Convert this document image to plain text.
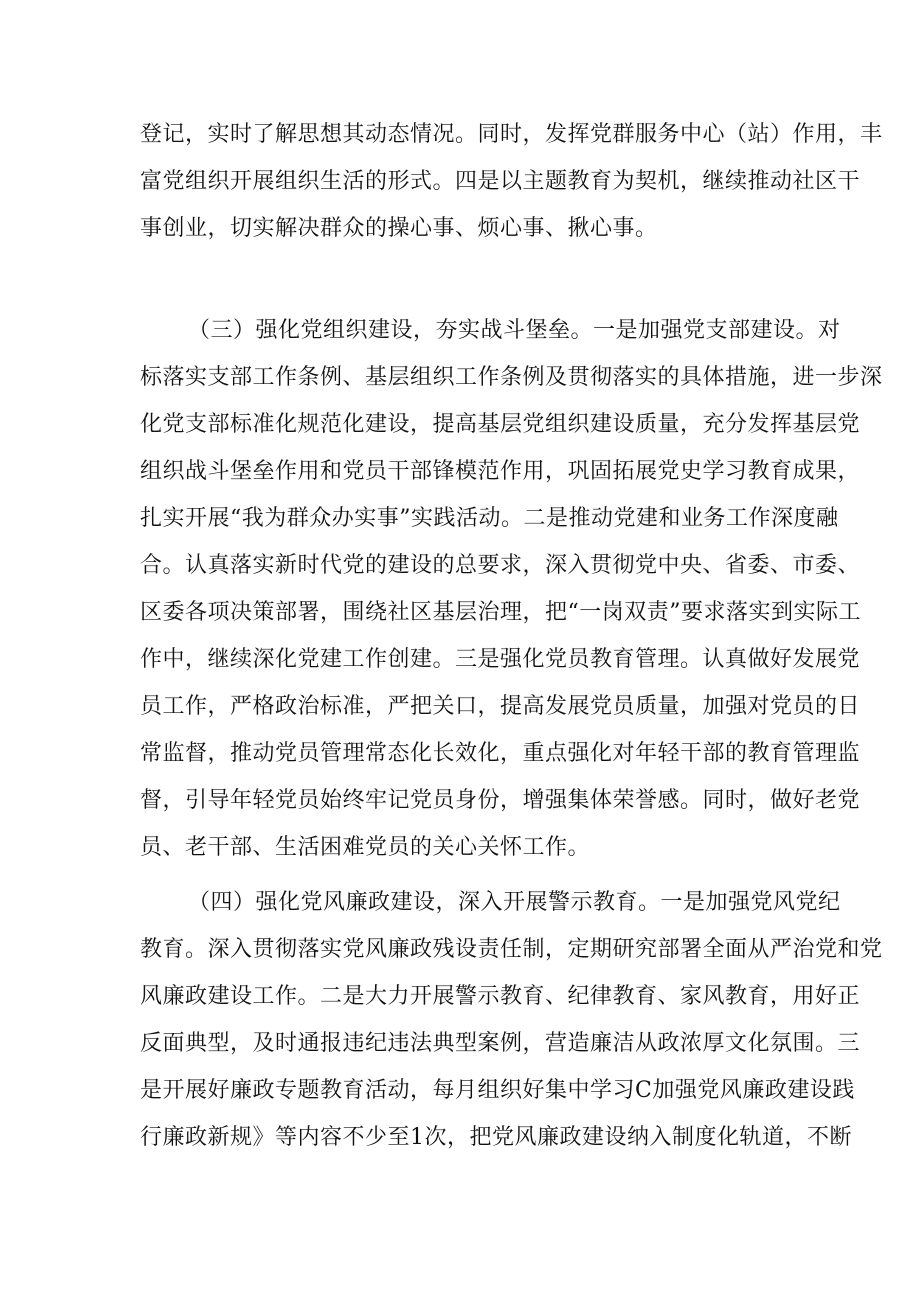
登记，实时了解思想其动态情况。同时，发挥党群服务中心（站）作用，丰
富党组织开展组织生活的形式。四是以主题教育为契机，继续推动社区干
事创业，切实解决群众的操心事、烦心事、揪心事。
（三）强化党组织建设，夯实战斗堡垒。一是加强党支部建设。对
标落实支部工作条例、基层组织工作条例及贯彻落实的具体措施，进一步深
化党支部标准化规范化建设，提高基层党组织建设质量，充分发挥基层党
组织战斗堡垒作用和党员干部锋模范作用，巩固拓展党史学习教育成果，
扎实开展“我为群众办实事”实践活动。二是推动党建和业务工作深度融
合。认真落实新时代党的建设的总要求，深入贯彻党中央、省委、市委、
区委各项决策部署，围绕社区基层治理，把“一岗双责”要求落实到实际工
作中，继续深化党建工作创建。三是强化党员教育管理。认真做好发展党
员工作，严格政治标准，严把关口，提高发展党员质量，加强对党员的日
常监督，推动党员管理常态化长效化，重点强化对年轻干部的教育管理监
督，引导年轻党员始终牢记党员身份，增强集体荣誉感。同时，做好老党
员、老干部、生活困难党员的关心关怀工作。
（四）强化党风廉政建设，深入开展警示教育。一是加强党风党纪
教育。深入贯彻落实党风廉政残设责任制，定期研究部署全面从严治党和党
风廉政建设工作。二是大力开展警示教育、纪律教育、家风教育，用好正
反面典型，及时通报违纪违法典型案例，营造廉洁从政浓厚文化氛围。三
是开展好廉政专题教育活动，每月组织好集中学习C加强党风廉政建设践
行廉政新规》等内容不少至1次，把党风廉政建设纳入制度化轨道，不断
